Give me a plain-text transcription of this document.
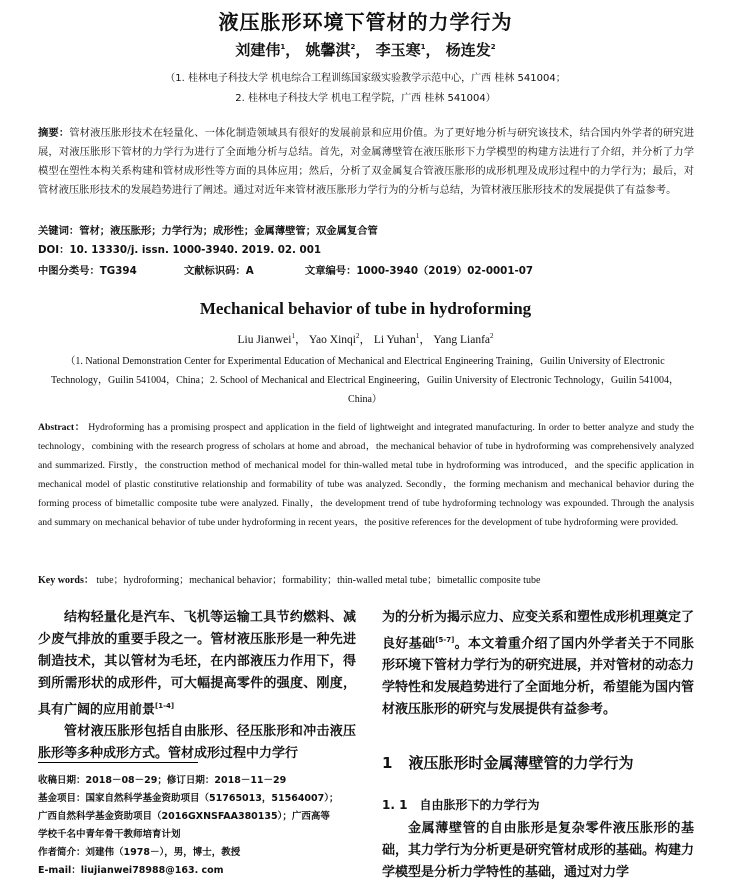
液压胀形环境下管材的力学行为
刘建伟$^1$， 姚馨淇$^2$， 李玉寒$^1$， 杨连发$^2$
（1. 桂林电子科技大学 机电综合工程训练国家级实验教学示范中心，广西 桂林 541004；
2. 桂林电子科技大学 机电工程学院，广西 桂林 541004）
摘要：管材液压胀形技术在轻量化、一体化制造领域具有很好的发展前景和应用价值。为了更好地分析与研究该技术，结合国内外学者的研究进展，对液压胀形下管材的力学行为进行了全面地分析与总结。首先，对金属薄壁管在液压胀形下力学模型的构建方法进行了介绍，并分析了力学模型在塑性本构关系构建和管材成形性等方面的具体应用；然后，分析了双金属复合管液压胀形的成形机理及成形过程中的力学行为；最后，对管材液压胀形技术的发展趋势进行了阐述。通过对近年来管材液压胀形力学行为的分析与总结，为管材液压胀形技术的发展提供了有益参考。
关键词：管材；液压胀形；力学行为；成形性；金属薄壁管；双金属复合管
DOI：10. 13330/j. issn. 1000-3940. 2019. 02. 001
中图分类号：TG394	文献标识码：A	文章编号：1000-3940（2019）02-0001-07
Mechanical behavior of tube in hydroforming
Liu Jianwei$^1$， Yao Xinqi$^2$， Li Yuhan$^1$， Yang Lianfa$^2$
（1. National Demonstration Center for Experimental Education of Mechanical and Electrical Engineering Training，Guilin University of Electronic Technology，Guilin 541004，China；2. School of Mechanical and Electrical Engineering，Guilin University of Electronic Technology，Guilin 541004，China）
Abstract： Hydroforming has a promising prospect and application in the field of lightweight and integrated manufacturing. In order to better analyze and study the technology，combining with the research progress of scholars at home and abroad，the mechanical behavior of tube in hydroforming was comprehensively analyzed and summarized. Firstly，the construction method of mechanical model for thin-walled metal tube in hydroforming was introduced，and the specific application in mechanical model of plastic constitutive relationship and formability of tube was analyzed. Secondly，the forming mechanism and mechanical behavior during the forming process of bimetallic composite tube were analyzed. Finally，the development trend of tube hydroforming technology was expounded. Through the analysis and summary on mechanical behavior of tube under hydroforming in recent years，the positive references for the development of tube hydroforming were provided.
Key words： tube；hydroforming；mechanical behavior；formability；thin-walled metal tube；bimetallic composite tube

结构轻量化是汽车、飞机等运输工具节约燃料、减少废气排放的重要手段之一。管材液压胀形是一种先进制造技术，其以管材为毛坯，在内部液压力作用下，得到所需形状的成形件，可大幅提高零件的强度、刚度，具有广阔的应用前景[1-4]

管材液压胀形包括自由胀形、径压胀形和冲击液压胀形等多种成形方式。管材成形过程中力学行

收稿日期：2018－08－29；修订日期：2018－11－29
基金项目：国家自然科学基金资助项目（51765013，51564007）；
广西自然科学基金资助项目（2016GXNSFAA380135）；广西高等
学校千名中青年骨干教师培育计划
作者简介：刘建伟（1978－），男，博士，教授
E-mail：liujianwei78988@163. com

为的分析为揭示应力、应变关系和塑性成形机理奠定了良好基础[5-7]。本文着重介绍了国内外学者关于不同胀形环境下管材力学行为的研究进展，并对管材的动态力学特性和发展趋势进行了全面地分析，希望能为国内管材液压胀形的研究与发展提供有益参考。

1 液压胀形时金属薄壁管的力学行为
1. 1 自由胀形下的力学行为

金属薄壁管的自由胀形是复杂零件液压胀形的基础，其力学行为分析更是研究管材成形的基础。构建力学模型是分析力学特性的基础，通过对力学
